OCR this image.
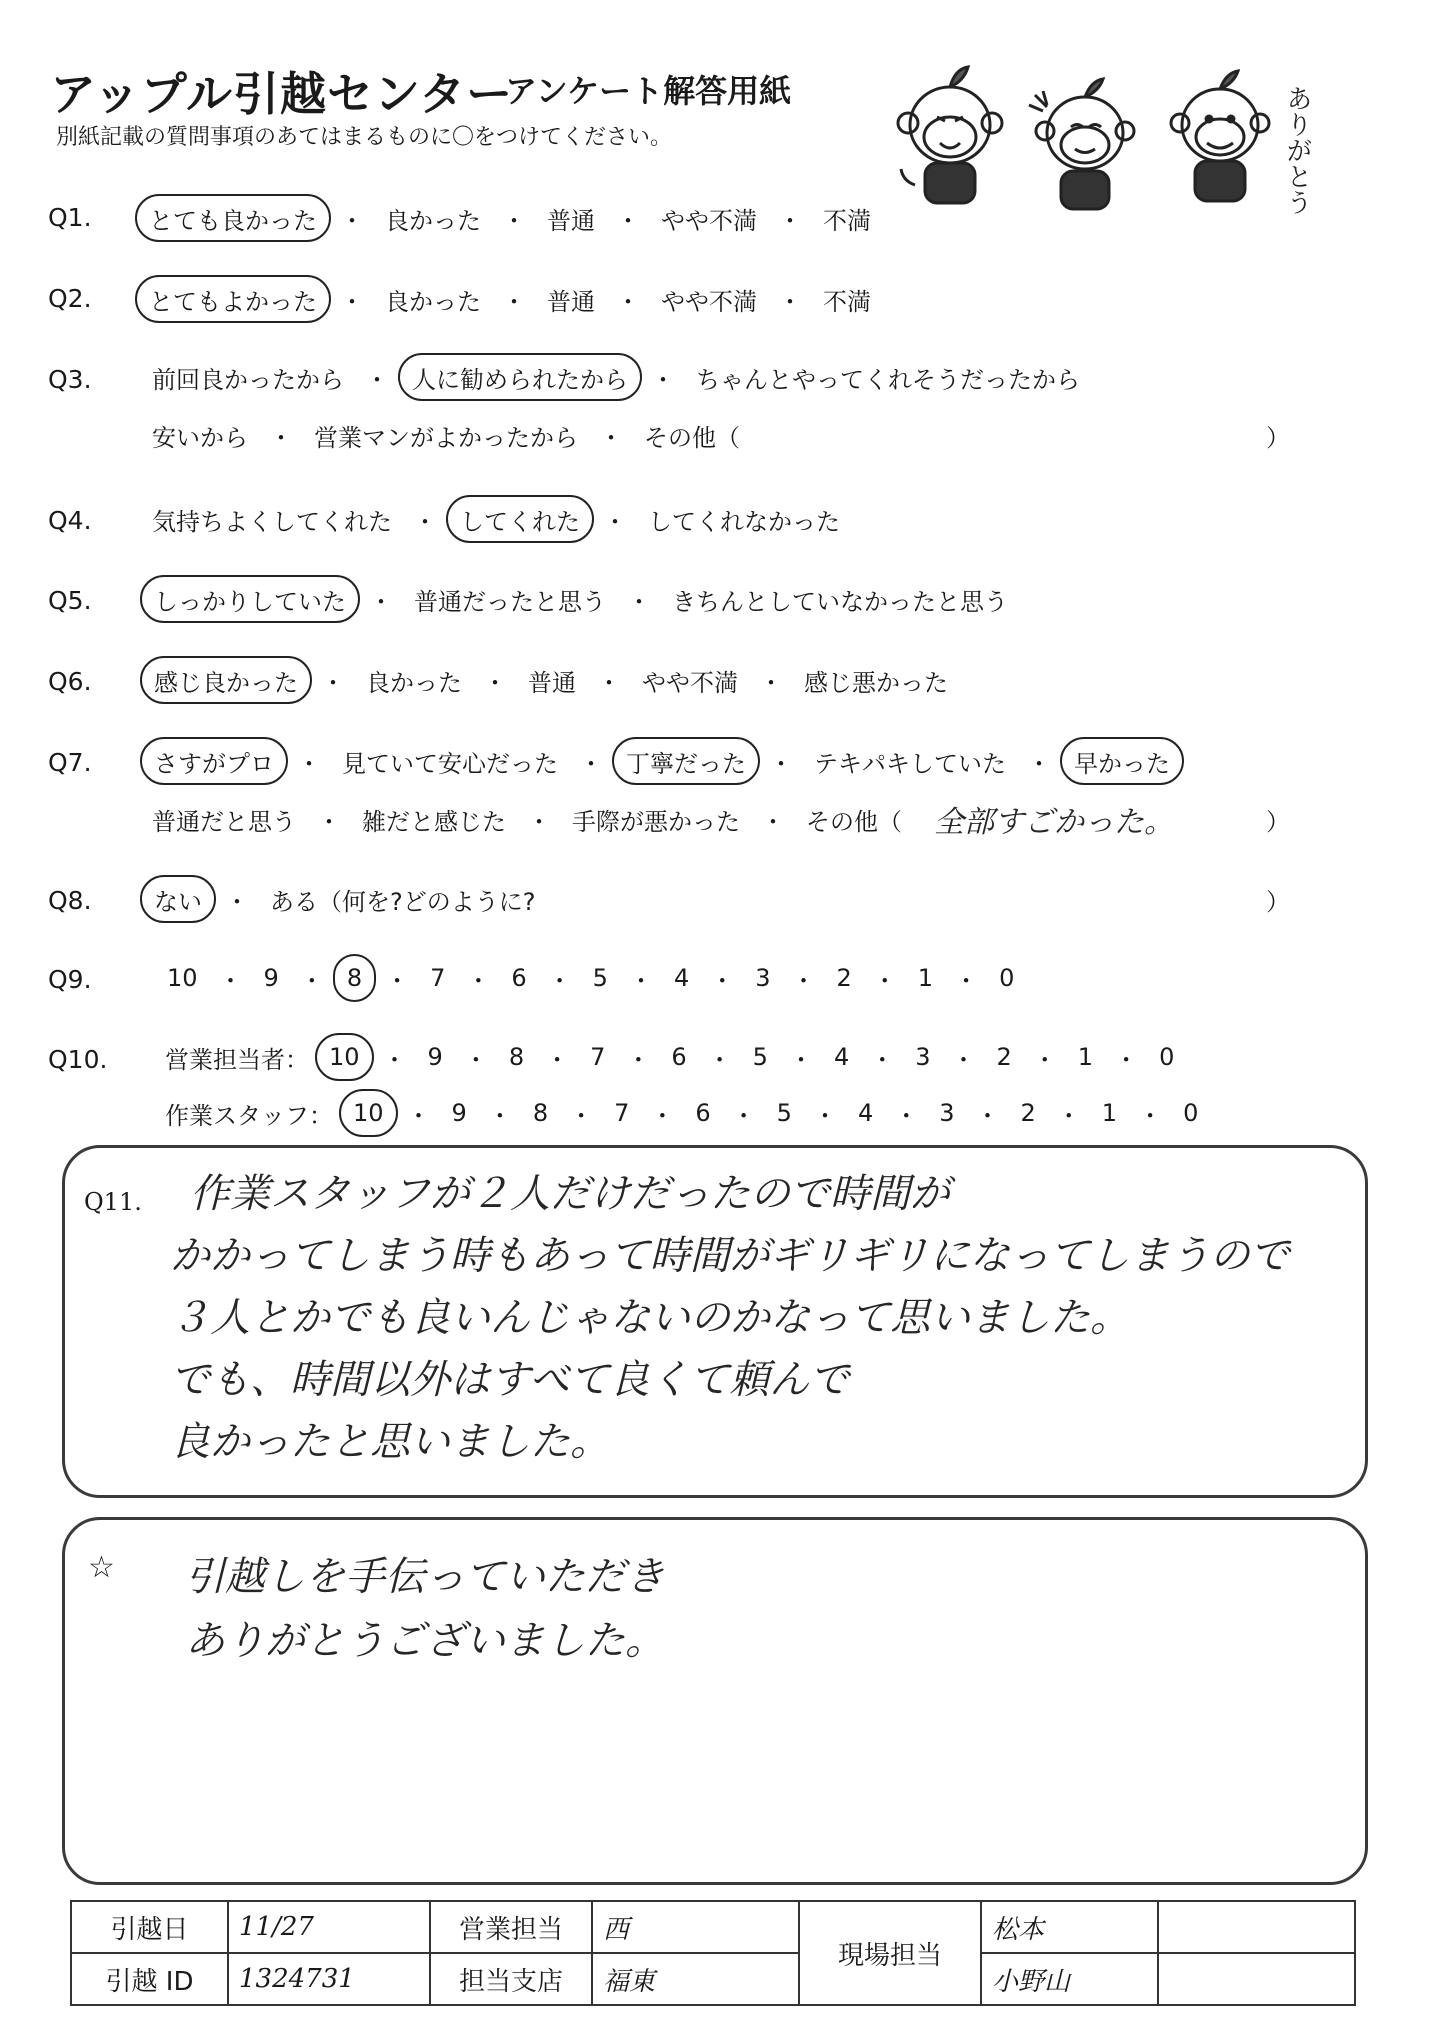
アップル引越センター
アンケート解答用紙
別紙記載の質問事項のあてはまるものに〇をつけてください。	ありがとう
Q1.	とても良かった ・ 良かった ・ 普通 ・ やや不満 ・ 不満
Q2.	とてもよかった ・ 良かった ・ 普通 ・ やや不満 ・ 不満
Q3.	前回良かったから ・ 人に勧められたから ・ ちゃんとやってくれそうだったから
安いから ・ 営業マンがよかったから ・ その他（	）
Q4.	気持ちよくしてくれた ・ してくれた ・ してくれなかった
Q5.	しっかりしていた ・ 普通だったと思う ・ きちんとしていなかったと思う
Q6.	感じ良かった ・ 良かった ・ 普通 ・ やや不満 ・ 感じ悪かった
Q7.	さすがプロ ・ 見ていて安心だった ・ 丁寧だった ・ テキパキしていた ・ 早かった
普通だと思う ・ 雑だと感じた ・ 手際が悪かった ・ その他（	全部すごかった。	）
Q8.	ない ・ ある（何を?どのように?	）
Q9.	10 ・ 9 ・ 8 ・ 7 ・ 6 ・ 5 ・ 4 ・ 3 ・ 2 ・ 1 ・ 0
Q10. 営業担当者： 10 ・ 9 ・ 8 ・ 7 ・ 6 ・ 5 ・ 4 ・ 3 ・ 2 ・ 1 ・ 0
作業スタッフ： 10 ・ 9 ・ 8 ・ 7 ・ 6 ・ 5 ・ 4 ・ 3 ・ 2 ・ 1 ・ 0
Q11.	作業スタッフが２人だけだったので時間が
かかってしまう時もあって時間がギリギリになってしまうので
３人とかでも良いんじゃないのかなって思いました。
でも、時間以外はすべて良くて頼んで
良かったと思いました。
☆ 引越しを手伝っていただき
ありがとうございました。
引越日	11/27	営業担当	西	現場担当	松本	
引越 ID	1324731	担当支店	福東		小野山	
